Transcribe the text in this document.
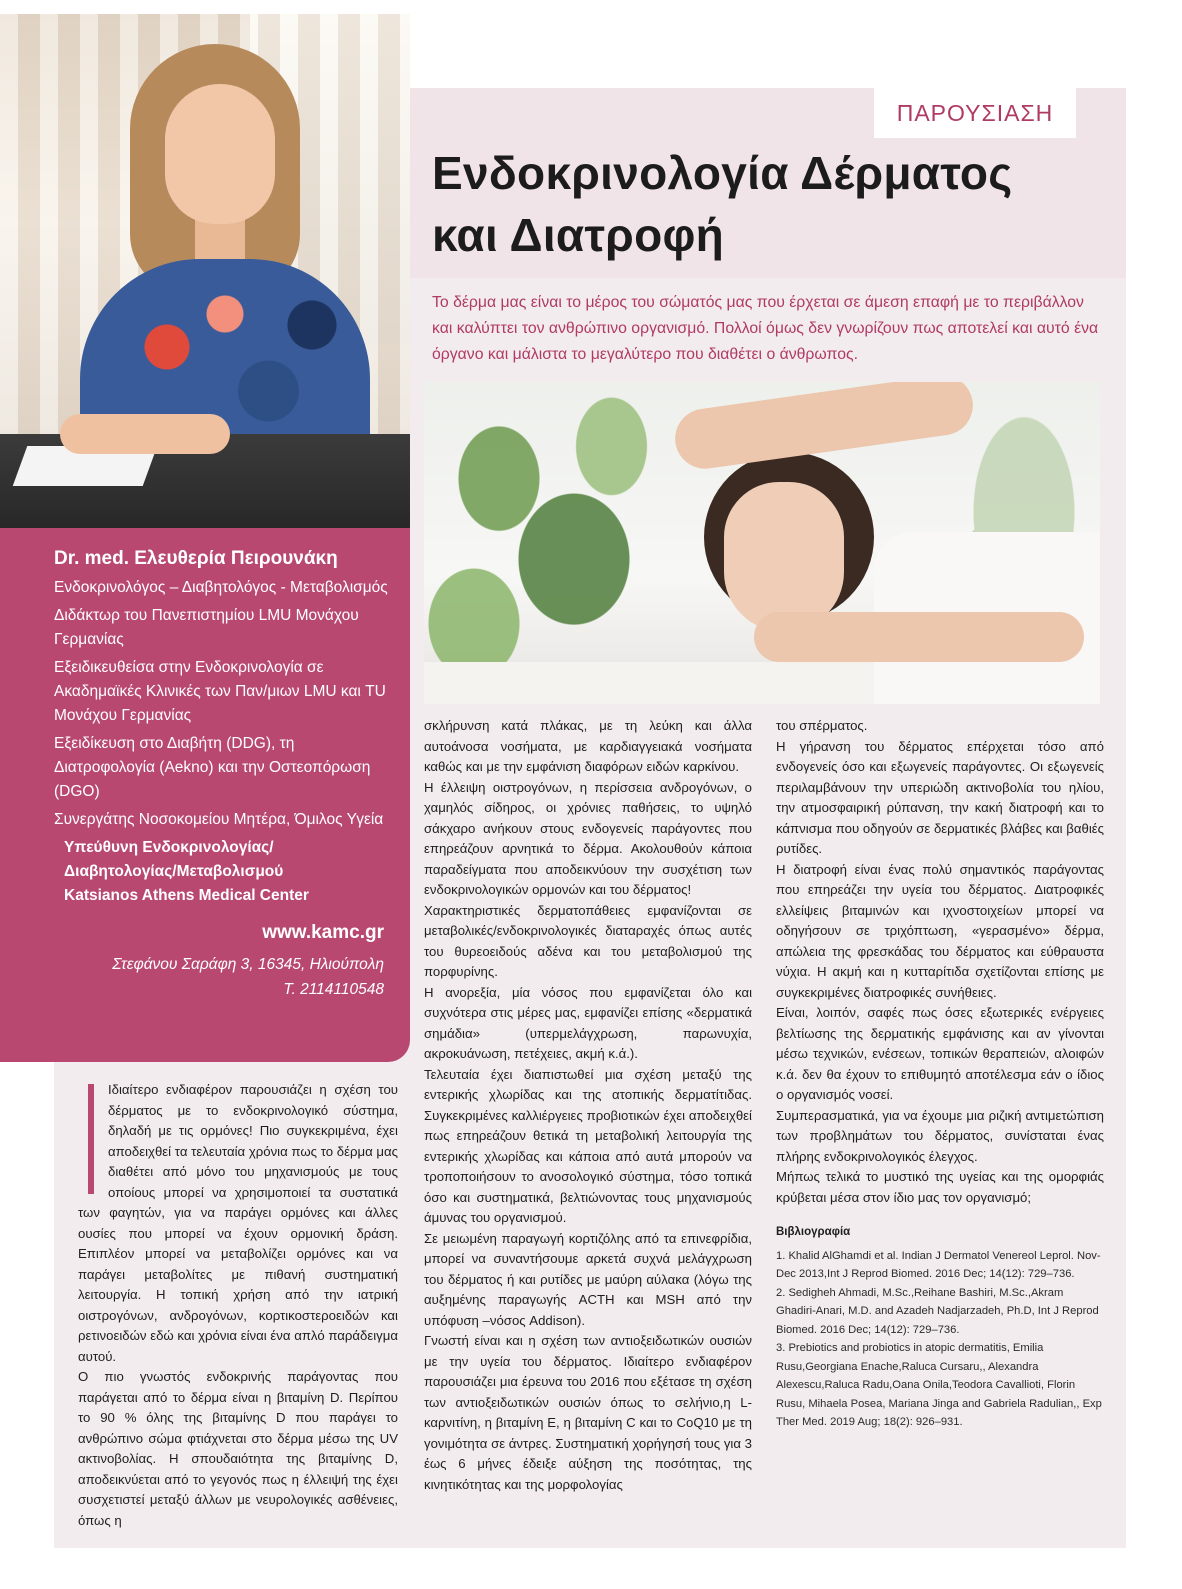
ΠΑΡΟΥΣΙΑΣΗ
Ενδοκρινολογία Δέρματος
και Διατροφή

Το δέρμα μας είναι το μέρος του σώματός μας που έρχεται σε άμεση επαφή με το περιβάλλον και καλύπτει τον ανθρώπινο οργανισμό. Πολλοί όμως δεν γνωρίζουν πως αποτελεί και αυτό ένα όργανο και μάλιστα το μεγαλύτερο που διαθέτει ο άνθρωπος.

Dr. med. Ελευθερία Πειρουνάκη
Ενδοκρινολόγος – Διαβητολόγος - Μεταβολισμός
Διδάκτωρ του Πανεπιστημίου LMU Μονάχου Γερμανίας
Εξειδικευθείσα στην Ενδοκρινολογία σε Ακαδημαϊκές Κλινικές των Παν/μιων LMU και TU Μονάχου Γερμανίας
Εξειδίκευση στο Διαβήτη (DDG), τη Διατροφολογία (Aekno) και την Οστεοπόρωση (DGO)
Συνεργάτης Νοσοκομείου Μητέρα, Όμιλος Υγεία
Υπεύθυνη Ενδοκρινολογίας/
Διαβητολογίας/Μεταβολισμού
Katsianos Athens Medical Center
www.kamc.gr
Στεφάνου Σαράφη 3, 16345, Ηλιούπολη
Τ. 2114110548

Ιδιαίτερο ενδιαφέρον παρουσιάζει η σχέση του δέρματος με το ενδοκρινολογικό σύστημα, δηλαδή με τις ορμόνες! Πιο συγκεκριμένα, έχει αποδειχθεί τα τελευταία χρόνια πως το δέρμα μας διαθέτει από μόνο του μηχανισμούς με τους οποίους μπορεί να χρησιμοποιεί τα συστατικά των φαγητών, για να παράγει ορμόνες και άλλες ουσίες που μπορεί να έχουν ορμονική δράση. Επιπλέον μπορεί να μεταβολίζει ορμόνες και να παράγει μεταβολίτες με πιθανή συστηματική λειτουργία. Η τοπική χρήση από την ιατρική οιστρογόνων, ανδρογόνων, κορτικοστεροειδών και ρετινοειδών εδώ και χρόνια είναι ένα απλό παράδειγμα αυτού.

Ο πιο γνωστός ενδοκρινής παράγοντας που παράγεται από το δέρμα είναι η βιταμίνη D. Περίπου το 90 % όλης της βιταμίνης D που παράγει το ανθρώπινο σώμα φτιάχνεται στο δέρμα μέσω της UV ακτινοβολίας. Η σπουδαιότητα της βιταμίνης D, αποδεικνύεται από το γεγονός πως η έλλειψή της έχει συσχετιστεί μεταξύ άλλων με νευρολογικές ασθένειες, όπως η

σκλήρυνση κατά πλάκας, με τη λεύκη και άλλα αυτοάνοσα νοσήματα, με καρδιαγγειακά νοσήματα καθώς και με την εμφάνιση διαφόρων ειδών καρκίνου.

Η έλλειψη οιστρογόνων, η περίσσεια ανδρογόνων, ο χαμηλός σίδηρος, οι χρόνιες παθήσεις, το υψηλό σάκχαρο ανήκουν στους ενδογενείς παράγοντες που επηρεάζουν αρνητικά το δέρμα. Ακολουθούν κάποια παραδείγματα που αποδεικνύουν την συσχέτιση των ενδοκρινολογικών ορμονών και του δέρματος!

Χαρακτηριστικές δερματοπάθειες εμφανίζονται σε μεταβολικές/ενδοκρινολογικές διαταραχές όπως αυτές του θυρεοειδούς αδένα και του μεταβολισμού της πορφυρίνης.

Η ανορεξία, μία νόσος που εμφανίζεται όλο και συχνότερα στις μέρες μας, εμφανίζει επίσης «δερματικά σημάδια» (υπερμελάγχρωση, παρωνυχία, ακροκυάνωση, πετέχειες, ακμή κ.ά.).

Τελευταία έχει διαπιστωθεί μια σχέση μεταξύ της εντερικής χλωρίδας και της ατοπικής δερματίτιδας. Συγκεκριμένες καλλιέργειες προβιοτικών έχει αποδειχθεί πως επηρεάζουν θετικά τη μεταβολική λειτουργία της εντερικής χλωρίδας και κάποια από αυτά μπορούν να τροποποιήσουν το ανοσολογικό σύστημα, τόσο τοπικά όσο και συστηματικά, βελτιώνοντας τους μηχανισμούς άμυνας του οργανισμού.

Σε μειωμένη παραγωγή κορτιζόλης από τα επινεφρίδια, μπορεί να συναντήσουμε αρκετά συχνά μελάγχρωση του δέρματος ή και ρυτίδες με μαύρη αύλακα (λόγω της αυξημένης παραγωγής ACTH και MSH από την υπόφυση –νόσος Addison).

Γνωστή είναι και η σχέση των αντιοξειδωτικών ουσιών με την υγεία του δέρματος. Ιδιαίτερο ενδιαφέρον παρουσιάζει μια έρευνα του 2016 που εξέτασε τη σχέση των αντιοξειδωτικών ουσιών όπως το σελήνιο,η L-καρνιτίνη, η βιταμίνη E, η βιταμίνη C και το CoQ10 με τη γονιμότητα σε άντρες. Συστηματική χορήγησή τους για 3 έως 6 μήνες έδειξε αύξηση της ποσότητας, της κινητικότητας και της μορφολογίας

του σπέρματος.

Η γήρανση του δέρματος επέρχεται τόσο από ενδογενείς όσο και εξωγενείς παράγοντες. Οι εξωγενείς περιλαμβάνουν την υπεριώδη ακτινοβολία του ηλίου, την ατμοσφαιρική ρύπανση, την κακή διατροφή και το κάπνισμα που οδηγούν σε δερματικές βλάβες και βαθιές ρυτίδες.

Η διατροφή είναι ένας πολύ σημαντικός παράγοντας που επηρεάζει την υγεία του δέρματος. Διατροφικές ελλείψεις βιταμινών και ιχνοστοιχείων μπορεί να οδηγήσουν σε τριχόπτωση, «γερασμένο» δέρμα, απώλεια της φρεσκάδας του δέρματος και εύθραυστα νύχια. Η ακμή και η κυτταρίτιδα σχετίζονται επίσης με συγκεκριμένες διατροφικές συνήθειες.

Είναι, λοιπόν, σαφές πως όσες εξωτερικές ενέργειες βελτίωσης της δερματικής εμφάνισης και αν γίνονται μέσω τεχνικών, ενέσεων, τοπικών θεραπειών, αλοιφών κ.ά. δεν θα έχουν το επιθυμητό αποτέλεσμα εάν ο ίδιος ο οργανισμός νοσεί.

Συμπερασματικά, για να έχουμε μια ριζική αντιμετώπιση των προβλημάτων του δέρματος, συνίσταται ένας πλήρης ενδοκρινολογικός έλεγχος.

Μήπως τελικά το μυστικό της υγείας και της ομορφιάς κρύβεται μέσα στον ίδιο μας τον οργανισμό;

Βιβλιογραφία

1. Khalid AlGhamdi et al. Indian J Dermatol Venereol Leprol. Nov-Dec 2013,Int J Reprod Biomed. 2016 Dec; 14(12): 729–736.

2. Sedigheh Ahmadi, M.Sc.,Reihane Bashiri, M.Sc.,Akram Ghadiri-Anari, M.D. and Azadeh Nadjarzadeh, Ph.D, Int J Reprod Biomed. 2016 Dec; 14(12): 729–736.

3. Prebiotics and probiotics in atopic dermatitis, Emilia Rusu,Georgiana Enache,Raluca Cursaru,, Alexandra Alexescu,Raluca Radu,Oana Onila,Teodora Cavallioti, Florin Rusu, Mihaela Posea, Mariana Jinga and Gabriela Radulian,, Exp Ther Med. 2019 Aug; 18(2): 926–931.
